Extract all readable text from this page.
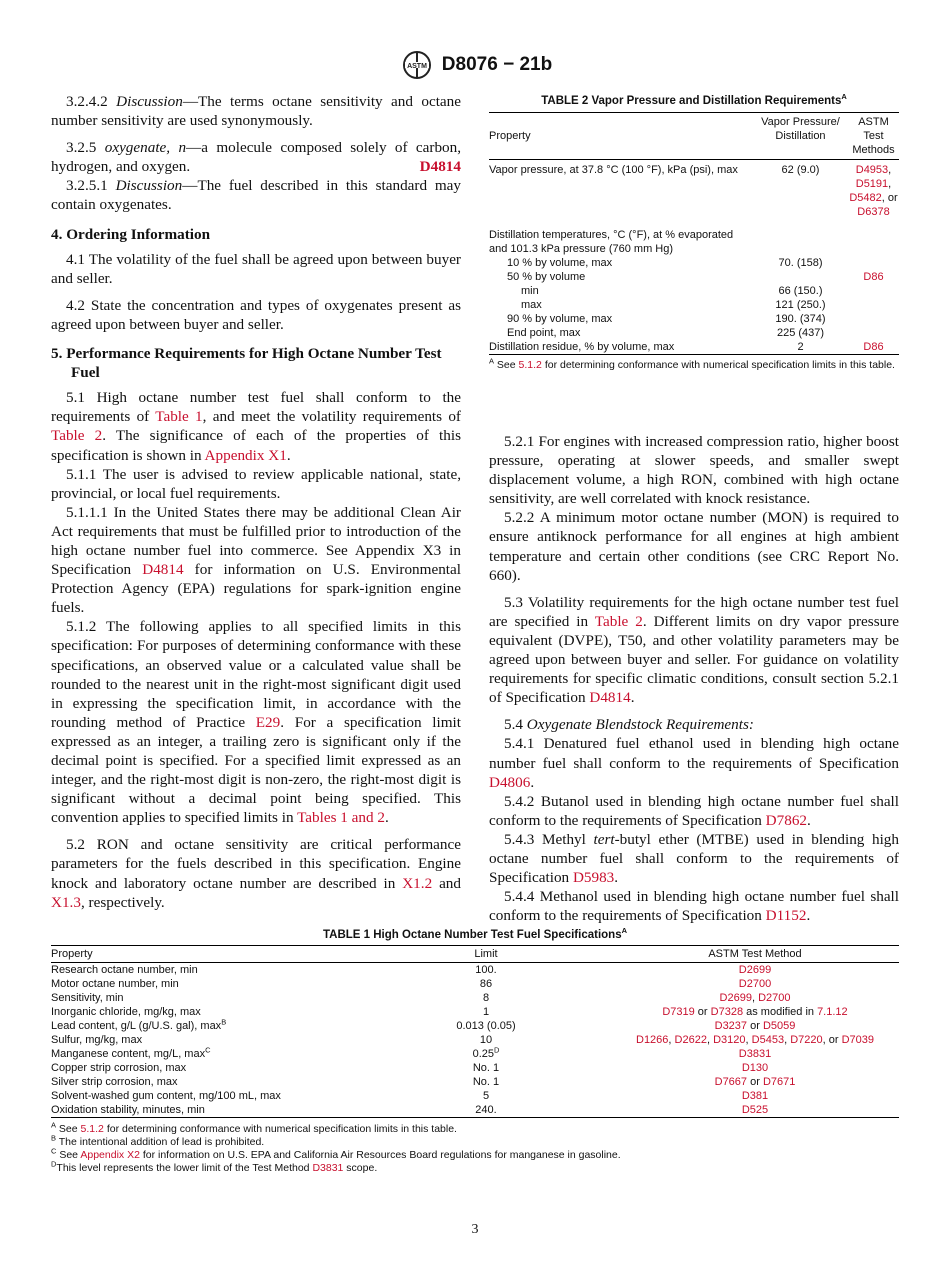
ASTM D8076 − 21b

3.2.4.2 Discussion—The terms octane sensitivity and octane number sensitivity are used synonymously.

3.2.5 oxygenate, n—a molecule composed solely of carbon, hydrogen, and oxygen.	D4814

3.2.5.1 Discussion—The fuel described in this standard may contain oxygenates.

4. Ordering Information

4.1 The volatility of the fuel shall be agreed upon between buyer and seller.

4.2 State the concentration and types of oxygenates present as agreed upon between buyer and seller.

5. Performance Requirements for High Octane Number Test Fuel

5.1 High octane number test fuel shall conform to the requirements of Table 1, and meet the volatility requirements of Table 2. The significance of each of the properties of this specification is shown in Appendix X1.

5.1.1 The user is advised to review applicable national, state, provincial, or local fuel requirements.

5.1.1.1 In the United States there may be additional Clean Air Act requirements that must be fulfilled prior to introduction of the high octane number fuel into commerce. See Appendix X3 in Specification D4814 for information on U.S. Environmental Protection Agency (EPA) regulations for spark-ignition engine fuels.

5.1.2 The following applies to all specified limits in this specification: For purposes of determining conformance with these specifications, an observed value or a calculated value shall be rounded to the nearest unit in the right-most significant digit used in expressing the specification limit, in accordance with the rounding method of Practice E29. For a specification limit expressed as an integer, a trailing zero is significant only if the decimal point is specified. For a specified limit expressed as an integer, and the right-most digit is non-zero, the right-most digit is significant without a decimal point being specified. This convention applies to specified limits in Tables 1 and 2.

5.2 RON and octane sensitivity are critical performance parameters for the fuels described in this specification. Engine knock and laboratory octane number are described in X1.2 and X1.3, respectively.

TABLE 2 Vapor Pressure and Distillation Requirements$^A$
Property	Vapor Pressure/ Distillation	ASTM Test Methods
Vapor pressure, at 37.8 °C (100 °F), kPa (psi), max	62 (9.0)	D4953,
D5191,
D5482, or
D6378
Distillation temperatures, °C (°F), at % evaporated and 101.3 kPa pressure (760 mm Hg)		
10 % by volume, max	70. (158)	
50 % by volume		D86
min	66 (150.)	
max	121 (250.)	
90 % by volume, max	190. (374)	
End point, max	225 (437)	
Distillation residue, % by volume, max	2	D86
$^A$ See 5.1.2 for determining conformance with numerical specification limits in this table.

5.2.1 For engines with increased compression ratio, higher boost pressure, operating at slower speeds, and smaller swept displacement volume, a high RON, combined with high octane sensitivity, are well correlated with knock resistance.

5.2.2 A minimum motor octane number (MON) is required to ensure antiknock performance for all engines at high ambient temperature and certain other conditions (see CRC Report No. 660).

5.3 Volatility requirements for the high octane number test fuel are specified in Table 2. Different limits on dry vapor pressure equivalent (DVPE), T50, and other volatility parameters may be agreed upon between buyer and seller. For guidance on volatility requirements for specific climatic conditions, consult section 5.2.1 of Specification D4814.

5.4 Oxygenate Blendstock Requirements:

5.4.1 Denatured fuel ethanol used in blending high octane number fuel shall conform to the requirements of Specification D4806.

5.4.2 Butanol used in blending high octane number fuel shall conform to the requirements of Specification D7862.

5.4.3 Methyl tert-butyl ether (MTBE) used in blending high octane number fuel shall conform to the requirements of Specification D5983.

5.4.4 Methanol used in blending high octane number fuel shall conform to the requirements of Specification D1152.

TABLE 1 High Octane Number Test Fuel Specifications$^A$
Property	Limit	ASTM Test Method
Research octane number, min	100.	D2699
Motor octane number, min	86	D2700
Sensitivity, min	8	D2699, D2700
Inorganic chloride, mg/kg, max	1	D7319 or D7328 as modified in 7.1.12
Lead content, g/L (g/U.S. gal), $\max^B$	0.013 (0.05)	D3237 or D5059
Sulfur, mg/kg, max	10	D1266, D2622, D3120, D5453, D7220, or D7039
Manganese content, mg/L, $\max^C$	$0.25^D$	D3831
Copper strip corrosion, max	No. 1	D130
Silver strip corrosion, max	No. 1	D7667 or D7671
Solvent-washed gum content, mg/100 mL, max	5	D381
Oxidation stability, minutes, min	240.	D525
$^A$ See 5.1.2 for determining conformance with numerical specification limits in this table.
$^B$ The intentional addition of lead is prohibited.
$^C$ See Appendix X2 for information on U.S. EPA and California Air Resources Board regulations for manganese in gasoline.
$^D$This level represents the lower limit of the Test Method D3831 scope.
3
